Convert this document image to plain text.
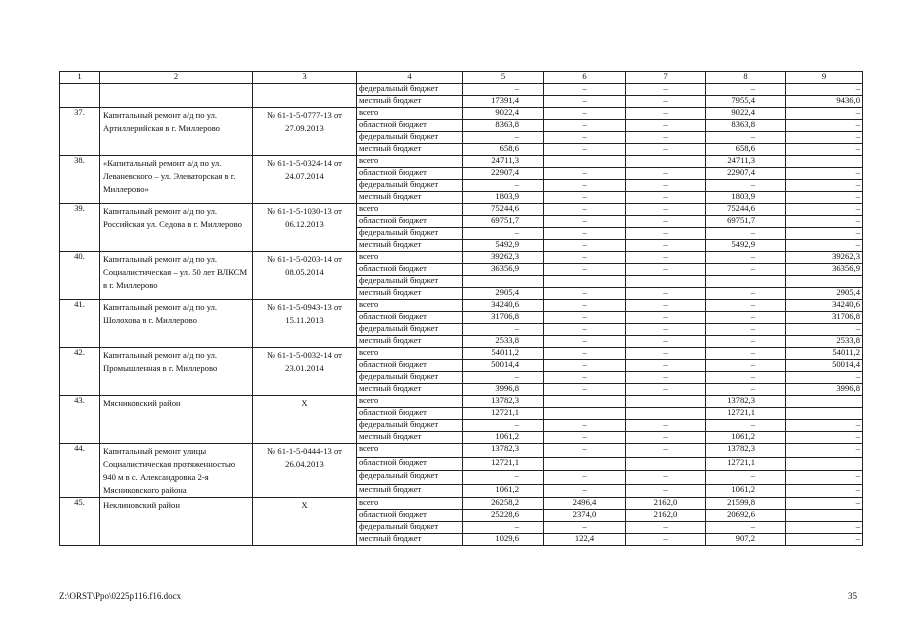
1	2	3	4	5	6	7	8	9
			федеральный бюджет	–	–	–	–	–
			местный бюджет	17391,4	–	–	7955,4	9436,0
37.	Капитальный ремонт а/д по ул. Артиллерийская в г. Миллерово	№ 61-1-5-0777-13 от 27.09.2013	всего	9022,4	–	–	9022,4	–
			областной бюджет	8363,8	–	–	8363,8	–
			федеральный бюджет	–	–	–	–	–
			местный бюджет	658,6	–	–	658,6	–
38.	«Капитальный ремонт а/д по ул. Леваневского – ул. Элеваторская в г. Миллерово»	№ 61-1-5-0324-14 от 24.07.2014	всего	24711,3			24711,3	
			областной бюджет	22907,4	–	–	22907,4	–
			федеральный бюджет	–	–	–	–	–
			местный бюджет	1803,9	–	–	1803,9	–
39.	Капитальный ремонт а/д по ул. Российская ул. Седова в г. Миллерово	№ 61-1-5-1030-13 от 06.12.2013	всего	75244,6	–	–	75244,6	–
			областной бюджет	69751,7	–	–	69751,7	–
			федеральный бюджет	–	–	–	–	–
			местный бюджет	5492,9	–	–	5492,9	–
40.	Капитальный ремонт а/д по ул. Социалистическая – ул. 50 лет ВЛКСМ в г. Миллерово	№ 61-1-5-0203-14 от 08.05.2014	всего	39262,3	–	–	–	39262,3
			областной бюджет	36356,9	–	–	–	36356,9
			федеральный бюджет					
			местный бюджет	2905,4	–	–	–	2905,4
41.	Капитальный ремонт а/д по ул. Шолохова в г. Миллерово	№ 61-1-5-0943-13 от 15.11.2013	всего	34240,6	–	–	–	34240,6
			областной бюджет	31706,8	–	–	–	31706,8
			федеральный бюджет	–	–	–	–	–
			местный бюджет	2533,8	–	–	–	2533,8
42.	Капитальный ремонт а/д по ул. Промышленная в г. Миллерово	№ 61-1-5-0032-14 от 23.01.2014	всего	54011,2	–	–	–	54011,2
			областной бюджет	50014,4	–	–	–	50014,4
			федеральный бюджет	–	–	–	–	–
			местный бюджет	3996,8	–	–	–	3996,8
43.	Мясниковский район	Х	всего	13782,3			13782,3	
			областной бюджет	12721,1			12721,1	
			федеральный бюджет	–	–	–	–	–
			местный бюджет	1061,2	–	–	1061,2	–
44.	Капитальный ремонт улицы Социалистическая протяженностью 940 м в с. Александровка 2-я Мясниковского района	№ 61-1-5-0444-13 от 26.04.2013	всего	13782,3	–	–	13782,3	–
			областной бюджет	12721,1			12721,1	
			федеральный бюджет	–	–	–	–	–
			местный бюджет	1061,2	–	–	1061,2	–
45.	Неклиновский район	Х	всего	26258,2	2496,4	2162,0	21599,8	–
			областной бюджет	25228,6	2374,0	2162,0	20692,6	
			федеральный бюджет	–	–	–	–	–
			местный бюджет	1029,6	122,4	–	907,2	–
Z:\ORST\Ppo\0225p116.f16.docx	35
